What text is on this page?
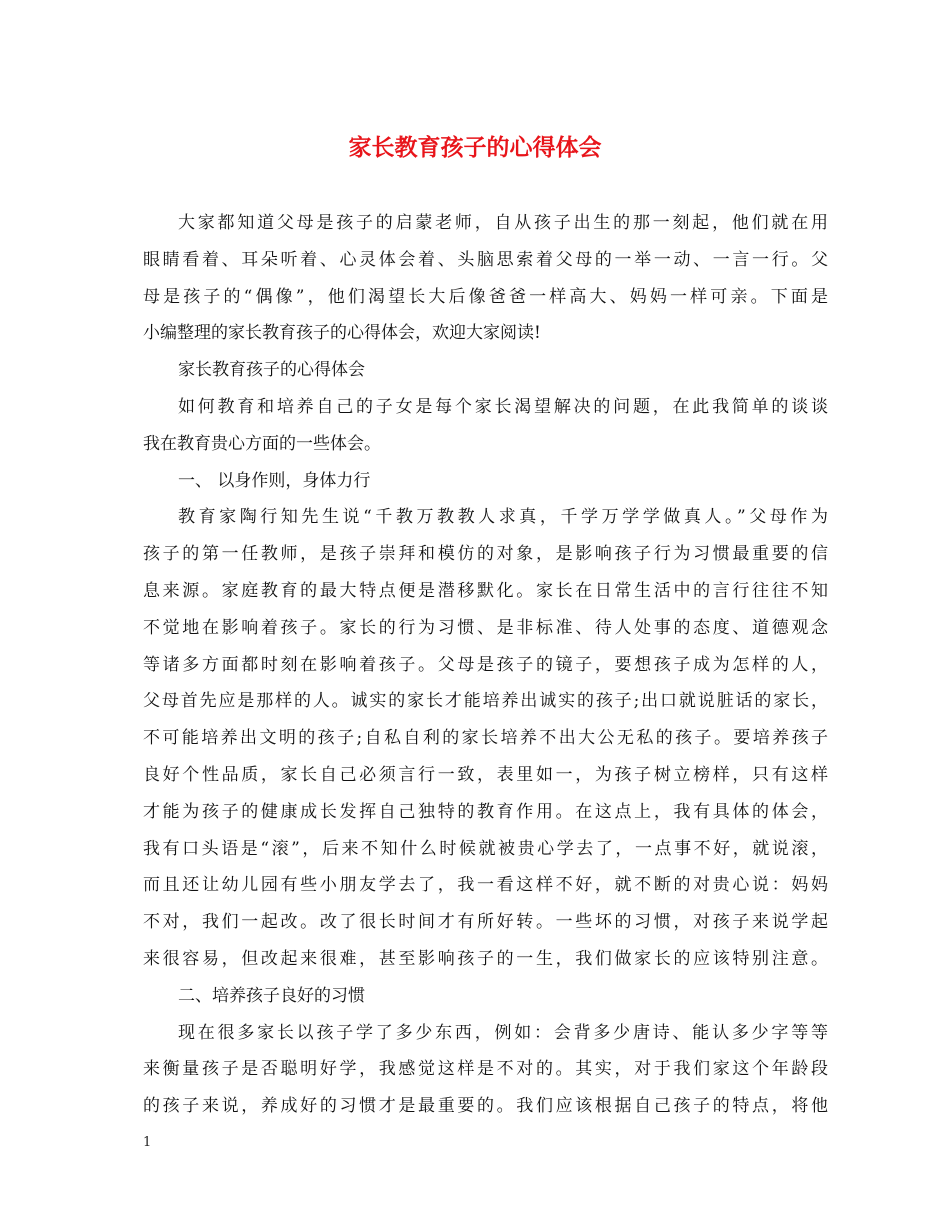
家长教育孩子的心得体会
大家都知道父母是孩子的启蒙老师，自从孩子出生的那一刻起，他们就在用
眼睛看着、耳朵听着、心灵体会着、头脑思索着父母的一举一动、一言一行。父
母是孩子的“偶像”，他们渴望长大后像爸爸一样高大、妈妈一样可亲。下面是
小编整理的家长教育孩子的心得体会，欢迎大家阅读!
家长教育孩子的心得体会
如何教育和培养自己的子女是每个家长渴望解决的问题，在此我简单的谈谈
我在教育贵心方面的一些体会。
一、 以身作则，身体力行
教育家陶行知先生说“千教万教教人求真，千学万学学做真人。”父母作为
孩子的第一任教师，是孩子崇拜和模仿的对象，是影响孩子行为习惯最重要的信
息来源。家庭教育的最大特点便是潜移默化。家长在日常生活中的言行往往不知
不觉地在影响着孩子。家长的行为习惯、是非标准、待人处事的态度、道德观念
等诸多方面都时刻在影响着孩子。父母是孩子的镜子，要想孩子成为怎样的人，
父母首先应是那样的人。诚实的家长才能培养出诚实的孩子;出口就说脏话的家长，
不可能培养出文明的孩子;自私自利的家长培养不出大公无私的孩子。要培养孩子
良好个性品质，家长自己必须言行一致，表里如一，为孩子树立榜样，只有这样
才能为孩子的健康成长发挥自己独特的教育作用。在这点上，我有具体的体会，
我有口头语是“滚”，后来不知什么时候就被贵心学去了，一点事不好，就说滚，
而且还让幼儿园有些小朋友学去了，我一看这样不好，就不断的对贵心说：妈妈
不对，我们一起改。改了很长时间才有所好转。一些坏的习惯，对孩子来说学起
来很容易，但改起来很难，甚至影响孩子的一生，我们做家长的应该特别注意。
二、培养孩子良好的习惯
现在很多家长以孩子学了多少东西，例如：会背多少唐诗、能认多少字等等
来衡量孩子是否聪明好学，我感觉这样是不对的。其实，对于我们家这个年龄段
的孩子来说，养成好的习惯才是最重要的。我们应该根据自己孩子的特点，将他
1
